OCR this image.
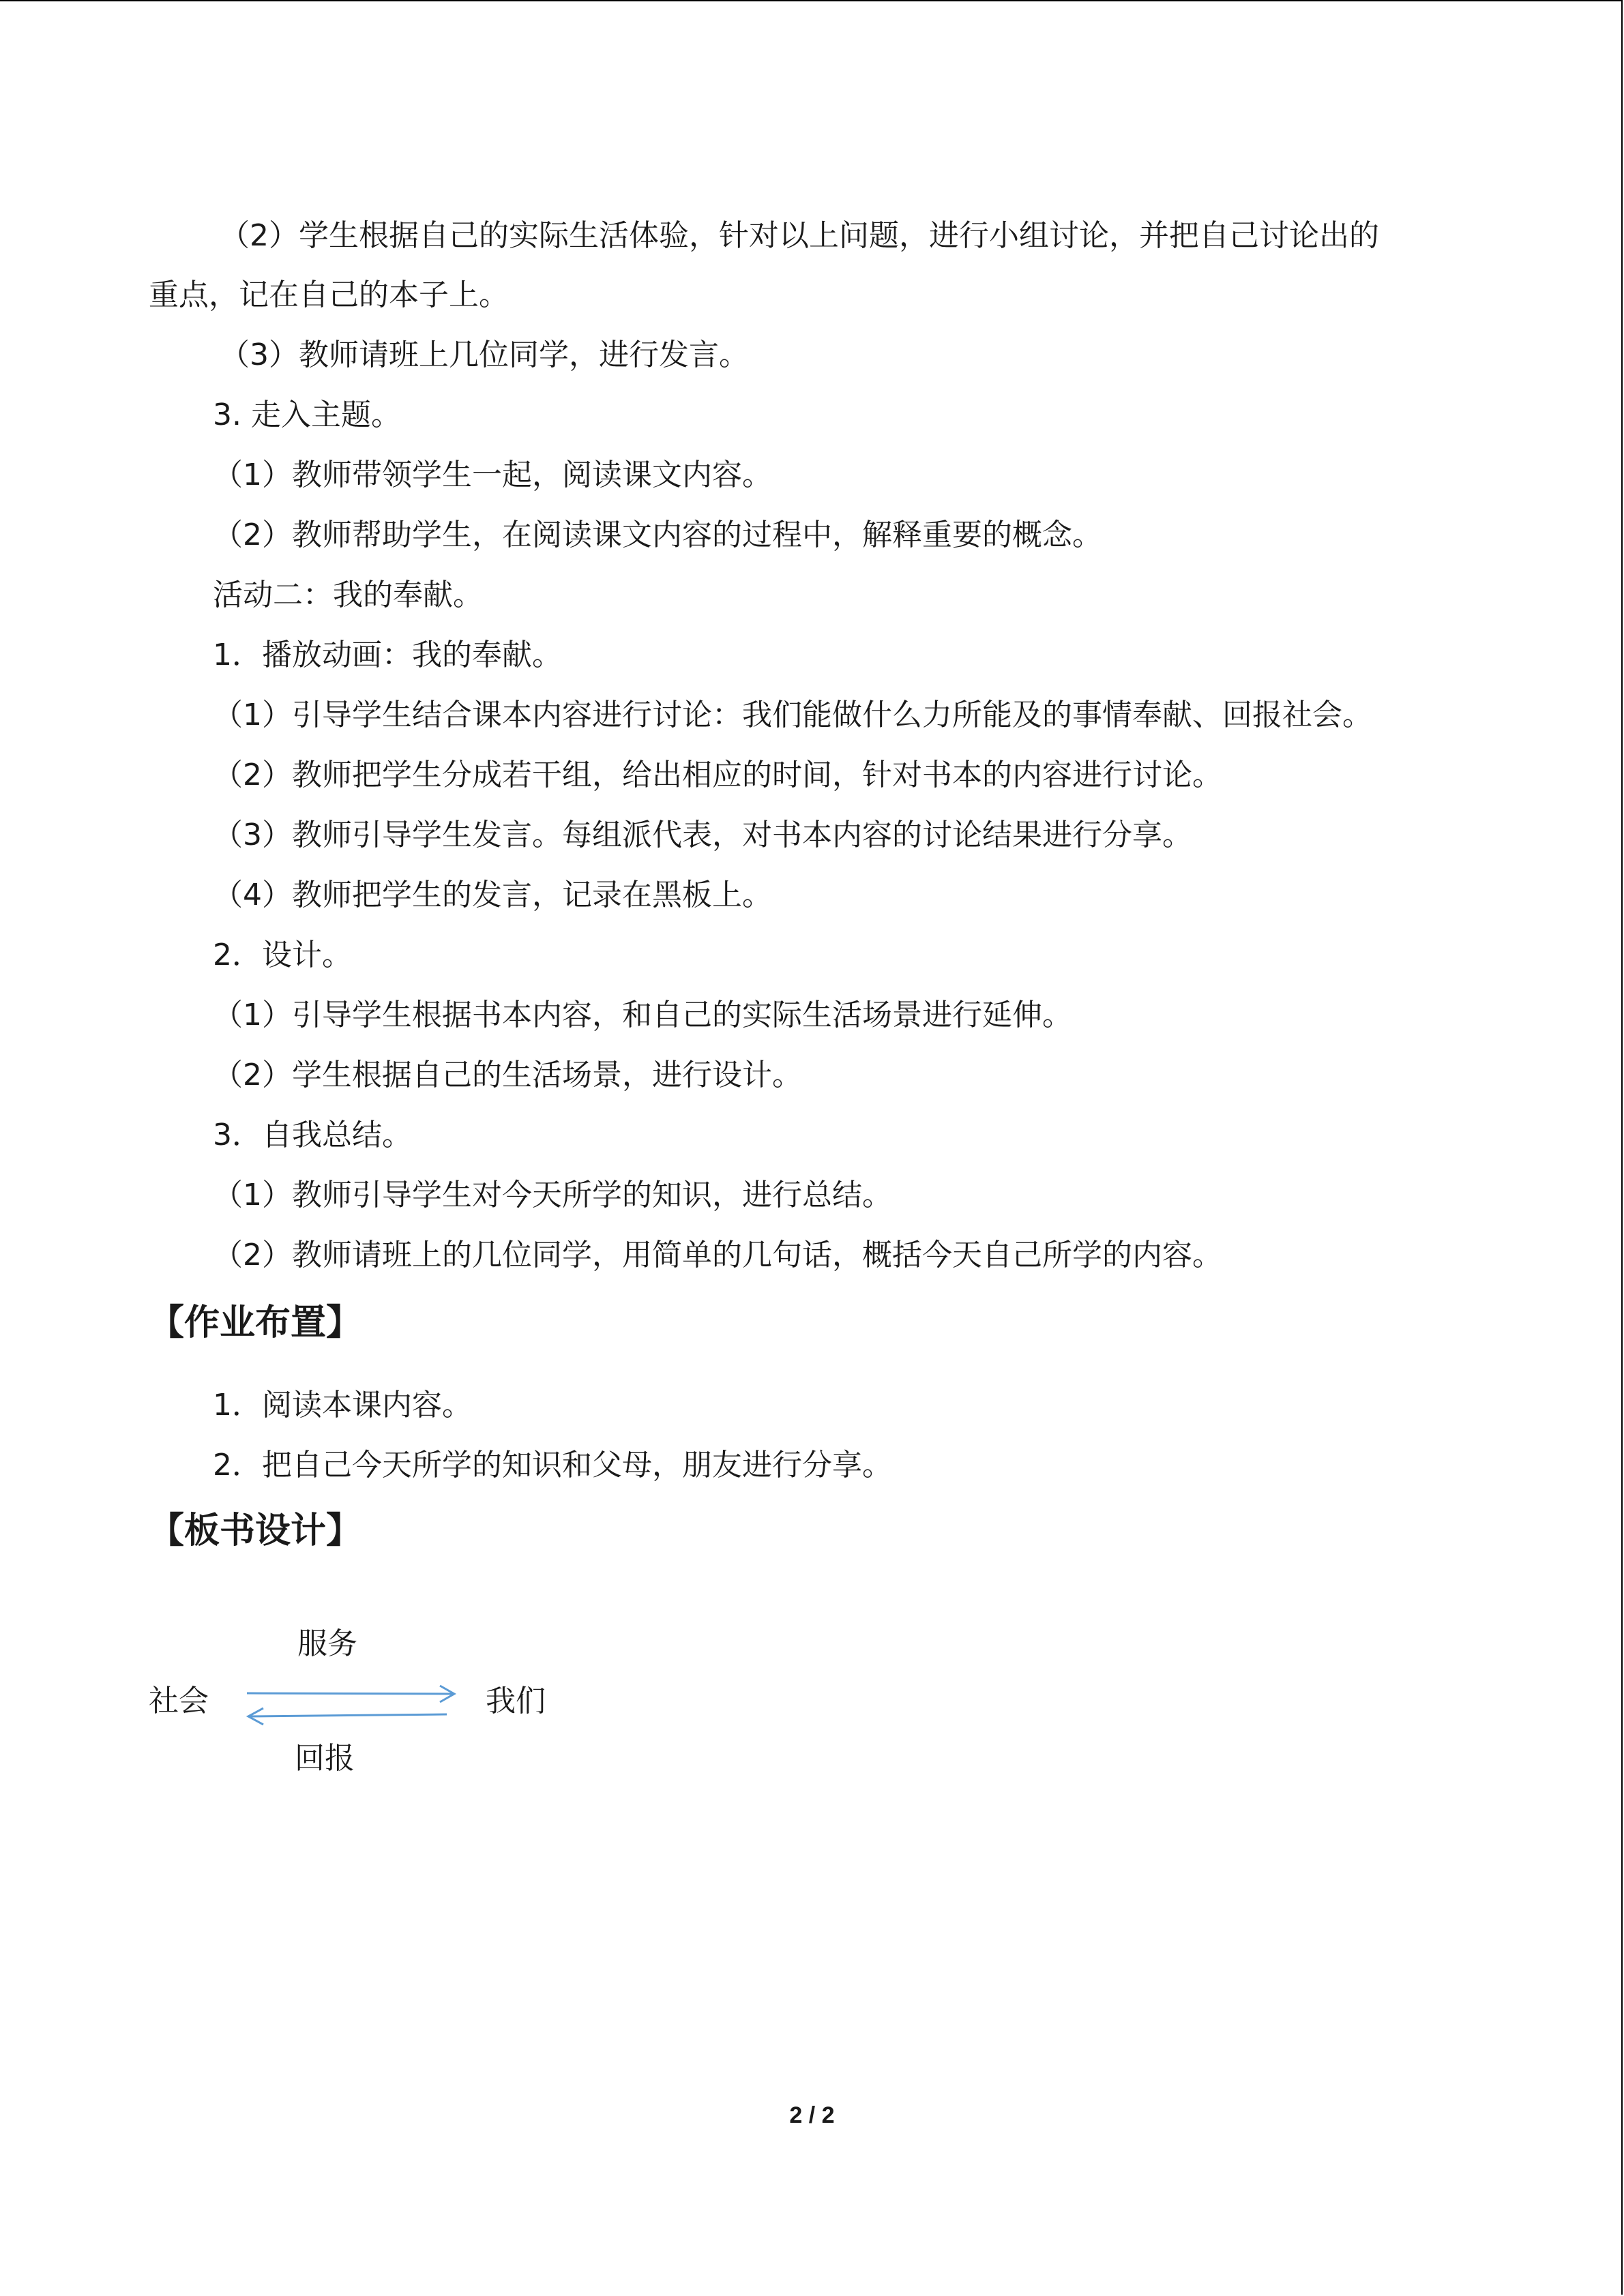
（2）学生根据自己的实际生活体验，针对以上问题，进行小组讨论，并把自己讨论出的
重点，记在自己的本子上。
（3）教师请班上几位同学，进行发言。
3. 走入主题。
（1）教师带领学生一起，阅读课文内容。
（2）教师帮助学生，在阅读课文内容的过程中，解释重要的概念。
活动二：我的奉献。
1．播放动画：我的奉献。
（1）引导学生结合课本内容进行讨论：我们能做什么力所能及的事情奉献、回报社会。
（2）教师把学生分成若干组，给出相应的时间，针对书本的内容进行讨论。
（3）教师引导学生发言。每组派代表，对书本内容的讨论结果进行分享。
（4）教师把学生的发言，记录在黑板上。
2．设计。
（1）引导学生根据书本内容，和自己的实际生活场景进行延伸。
（2）学生根据自己的生活场景，进行设计。
3．自我总结。
（1）教师引导学生对今天所学的知识，进行总结。
（2）教师请班上的几位同学，用简单的几句话，概括今天自己所学的内容。
【作业布置】
1．阅读本课内容。
2．把自己今天所学的知识和父母，朋友进行分享。
【板书设计】
服务
社会	我们
回报
2 / 2
